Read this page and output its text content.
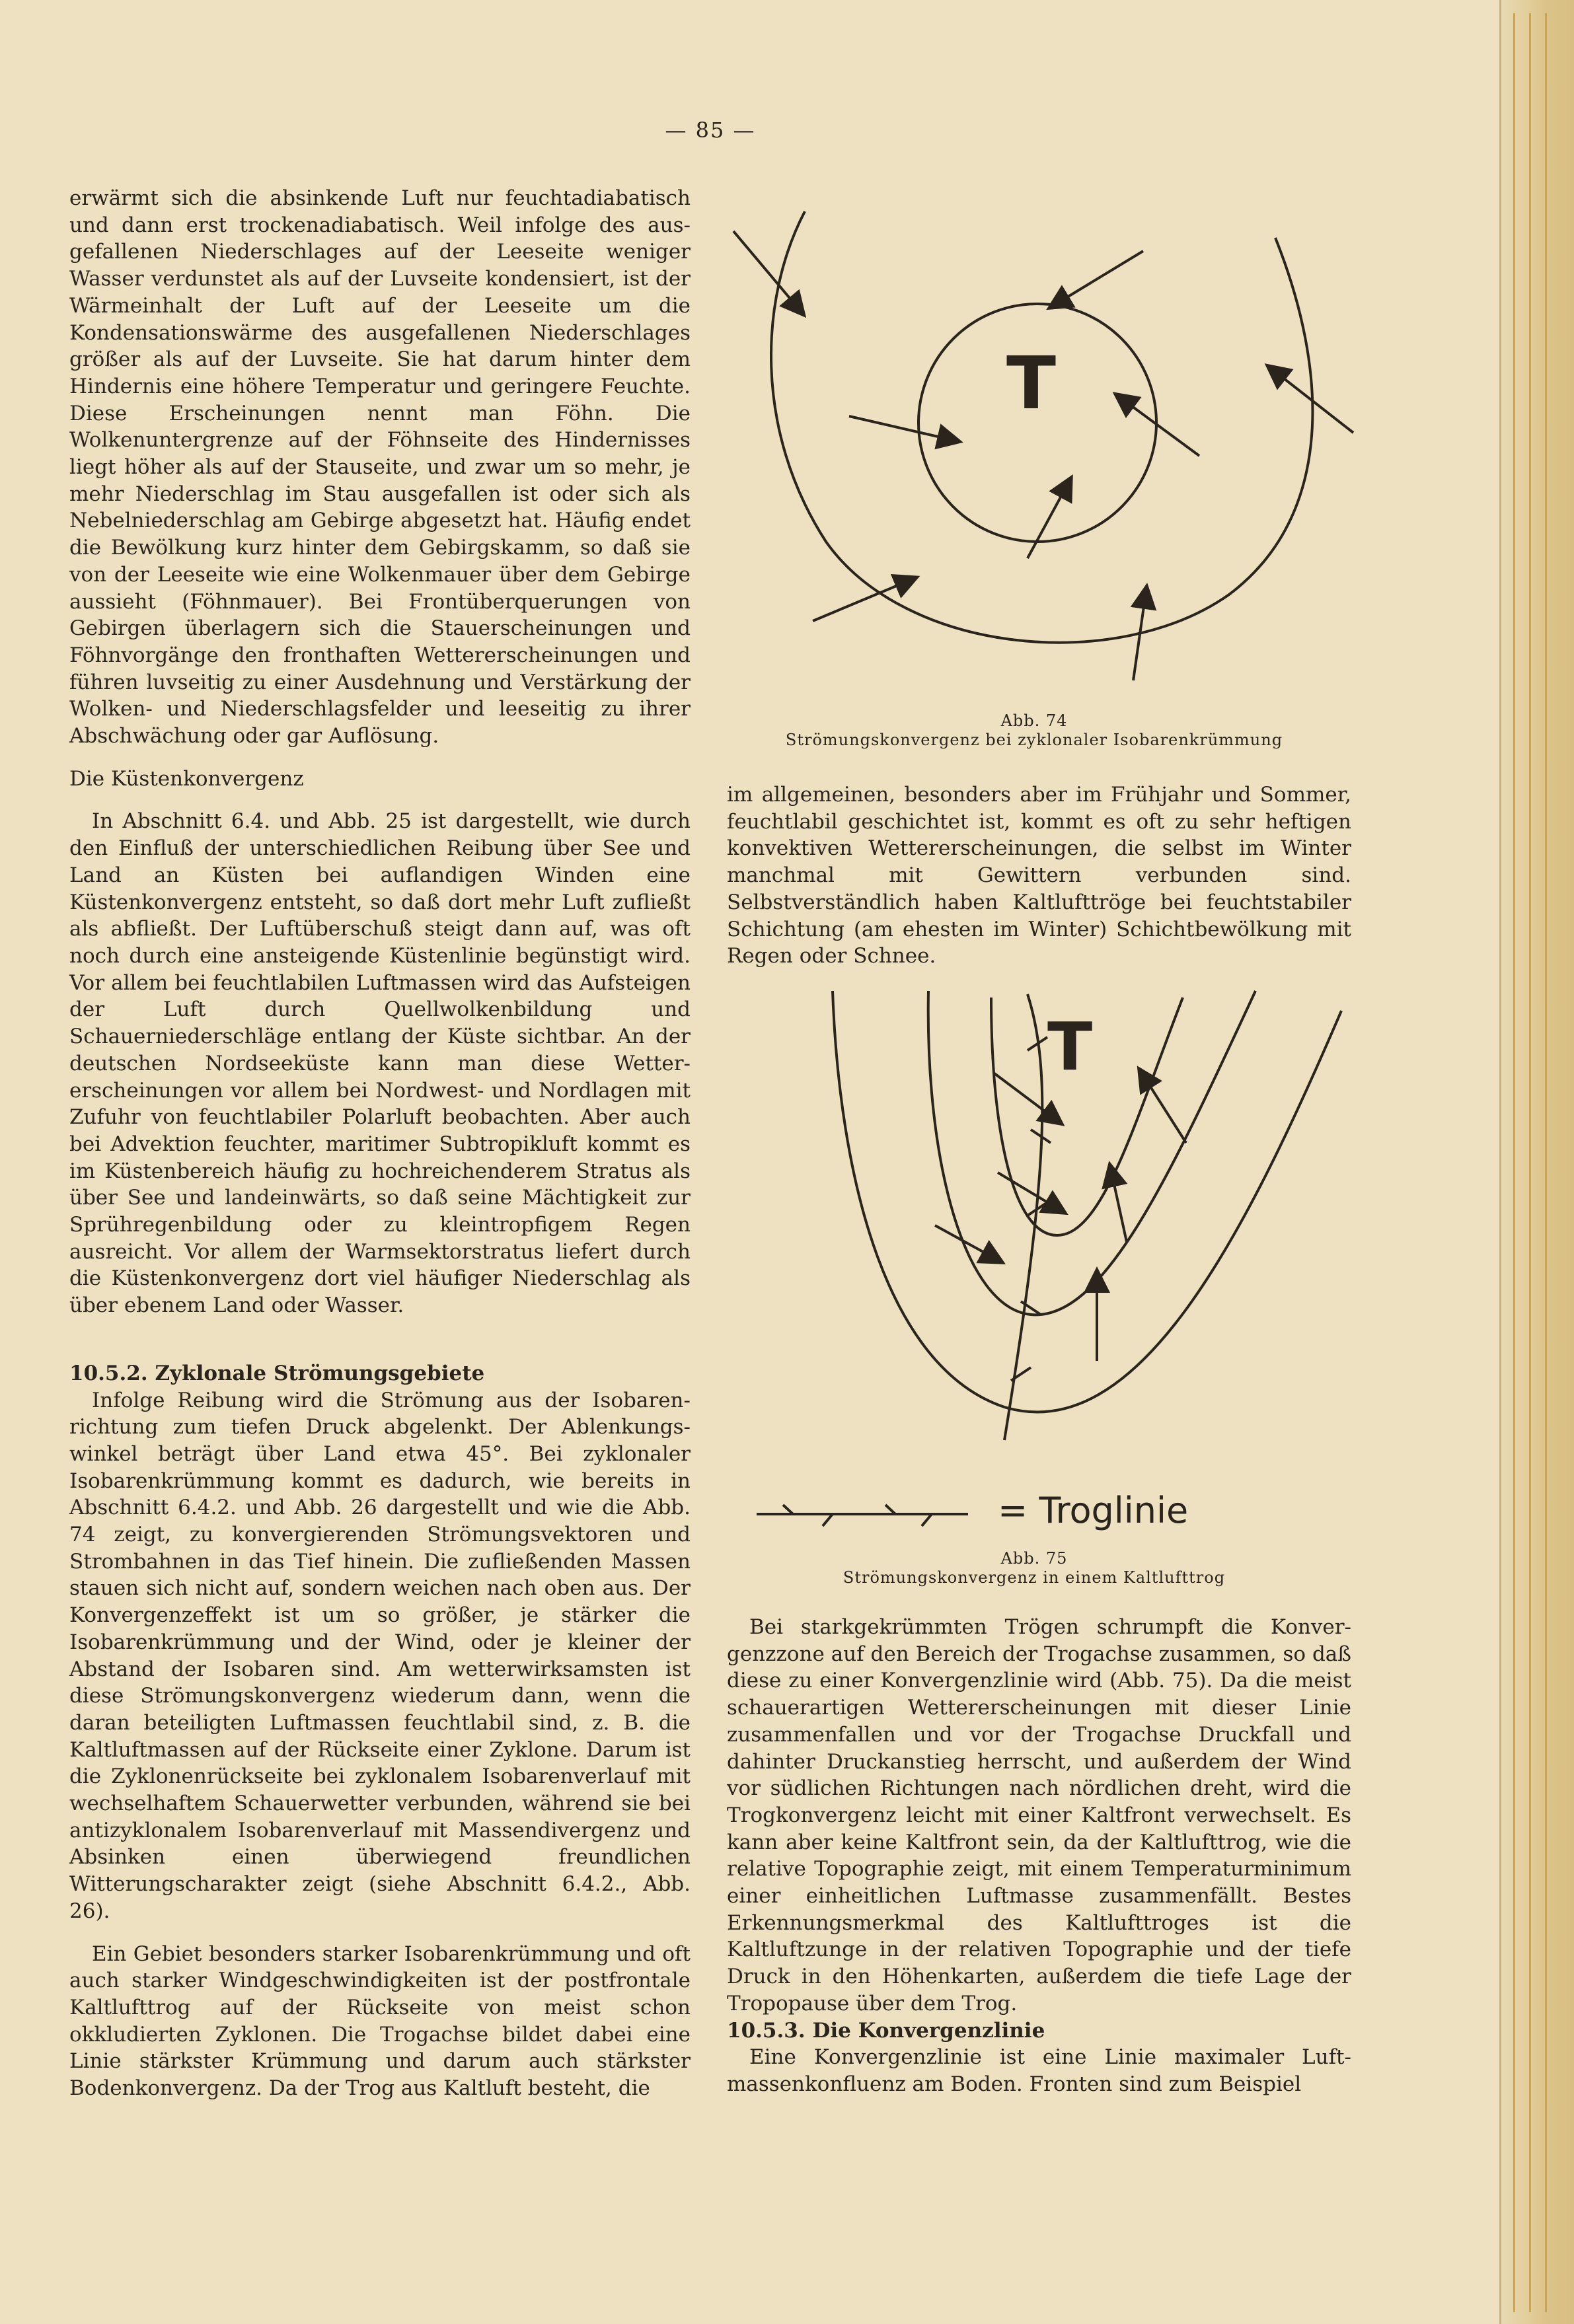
— 85 —

erwärmt sich die absinkende Luft nur feuchtadiabatisch und dann erst trockenadiabatisch. Weil infolge des ausgefallenen Niederschlages auf der Leeseite weniger Wasser verdunstet als auf der Luvseite kondensiert, ist der Wärmeinhalt der Luft auf der Leeseite um die Kondensationswärme des ausgefallenen Niederschlages größer als auf der Luvseite. Sie hat darum hinter dem Hindernis eine höhere Temperatur und geringere Feuchte. Diese Erscheinungen nennt man Föhn. Die Wolkenuntergrenze auf der Föhnseite des Hindernisses liegt höher als auf der Stauseite, und zwar um so mehr, je mehr Niederschlag im Stau ausgefallen ist oder sich als Nebelniederschlag am Gebirge abgesetzt hat. Häufig endet die Bewölkung kurz hinter dem Gebirgskamm, so daß sie von der Leeseite wie eine Wolkenmauer über dem Gebirge aussieht (Föhnmauer). Bei Frontüberquerungen von Gebirgen überlagern sich die Stauerscheinungen und Föhnvorgänge den fronthaften Wettererscheinungen und führen luvseitig zu einer Ausdehnung und Verstärkung der Wolken- und Niederschlagsfelder und leeseitig zu ihrer Abschwächung oder gar Auflösung.

Die Küstenkonvergenz

In Abschnitt 6.4. und Abb. 25 ist dargestellt, wie durch den Einfluß der unterschiedlichen Reibung über See und Land an Küsten bei auflandigen Winden eine Küstenkonvergenz entsteht, so daß dort mehr Luft zufließt als abfließt. Der Luftüberschuß steigt dann auf, was oft noch durch eine ansteigende Küstenlinie begünstigt wird. Vor allem bei feuchtlabilen Luftmassen wird das Aufsteigen der Luft durch Quellwolkenbildung und Schauerniederschläge entlang der Küste sichtbar. An der deutschen Nordseeküste kann man diese Wettererscheinungen vor allem bei Nordwest- und Nordlagen mit Zufuhr von feuchtlabiler Polarluft beobachten. Aber auch bei Advektion feuchter, maritimer Subtropikluft kommt es im Küstenbereich häufig zu hochreichenderem Stratus als über See und landeinwärts, so daß seine Mächtigkeit zur Sprühregenbildung oder zu kleintropfigem Regen ausreicht. Vor allem der Warmsektorstratus liefert durch die Küstenkonvergenz dort viel häufiger Niederschlag als über ebenem Land oder Wasser.

10.5.2. Zyklonale Strömungsgebiete

Infolge Reibung wird die Strömung aus der Isobarenrichtung zum tiefen Druck abgelenkt. Der Ablenkungswinkel beträgt über Land etwa 45°. Bei zyklonaler Isobarenkrümmung kommt es dadurch, wie bereits in Abschnitt 6.4.2. und Abb. 26 dargestellt und wie die Abb. 74 zeigt, zu konvergierenden Strömungsvektoren und Strombahnen in das Tief hinein. Die zufließenden Massen stauen sich nicht auf, sondern weichen nach oben aus. Der Konvergenzeffekt ist um so größer, je stärker die Isobarenkrümmung und der Wind, oder je kleiner der Abstand der Isobaren sind. Am wetterwirksamsten ist diese Strömungskonvergenz wiederum dann, wenn die daran beteiligten Luftmassen feuchtlabil sind, z. B. die Kaltluftmassen auf der Rückseite einer Zyklone. Darum ist die Zyklonenrückseite bei zyklonalem Isobarenverlauf mit wechselhaftem Schauerwetter verbunden, während sie bei antizyklonalem Isobarenverlauf mit Massendivergenz und Absinken einen überwiegend freundlichen Witterungscharakter zeigt (siehe Abschnitt 6.4.2., Abb. 26).

Ein Gebiet besonders starker Isobarenkrümmung und oft auch starker Windgeschwindigkeiten ist der postfrontale Kaltlufttrog auf der Rückseite von meist schon okkludierten Zyklonen. Die Trogachse bildet dabei eine Linie stärkster Krümmung und darum auch stärkster Bodenkonvergenz. Da der Trog aus Kaltluft besteht, die

T
Abb. 74
Strömungskonvergenz bei zyklonaler Isobarenkrümmung

im allgemeinen, besonders aber im Frühjahr und Sommer, feuchtlabil geschichtet ist, kommt es oft zu sehr heftigen konvektiven Wettererscheinungen, die selbst im Winter manchmal mit Gewittern verbunden sind. Selbstverständlich haben Kaltlufttröge bei feuchtstabiler Schichtung (am ehesten im Winter) Schichtbewölkung mit Regen oder Schnee.

T
= Troglinie
Abb. 75
Strömungskonvergenz in einem Kaltlufttrog

Bei starkgekrümmten Trögen schrumpft die Konvergenzzone auf den Bereich der Trogachse zusammen, so daß diese zu einer Konvergenzlinie wird (Abb. 75). Da die meist schauerartigen Wettererscheinungen mit dieser Linie zusammenfallen und vor der Trogachse Druckfall und dahinter Druckanstieg herrscht, und außerdem der Wind vor südlichen Richtungen nach nördlichen dreht, wird die Trogkonvergenz leicht mit einer Kaltfront verwechselt. Es kann aber keine Kaltfront sein, da der Kaltlufttrog, wie die relative Topographie zeigt, mit einem Temperaturminimum einer einheitlichen Luftmasse zusammenfällt. Bestes Erkennungsmerkmal des Kaltlufttroges ist die Kaltluftzunge in der relativen Topographie und der tiefe Druck in den Höhenkarten, außerdem die tiefe Lage der Tropopause über dem Trog.

10.5.3. Die Konvergenzlinie

Eine Konvergenzlinie ist eine Linie maximaler Luftmassenkonfluenz am Boden. Fronten sind zum Beispiel
